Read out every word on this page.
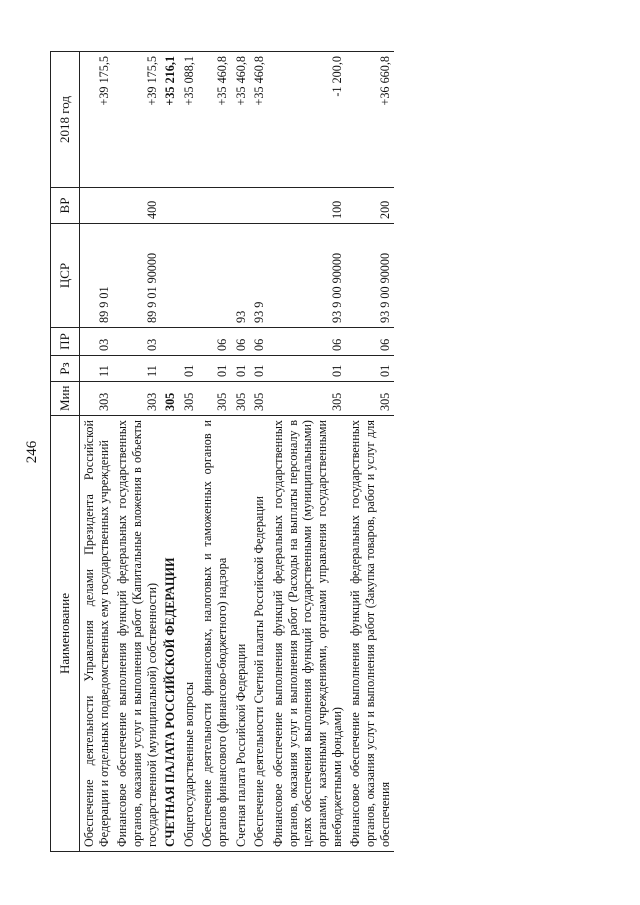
246
Наименование	Мин	Рз	ПР	ЦСР	ВР	2018 год
Обеспечение деятельности Управления делами Президента Российской Федерации и отдельных подведомственных ему государственных учреждений	303	11	03	89 9 01		+39 175,5
Финансовое обеспечение выполнения функций федеральных государственных органов, оказания услуг и выполнения работ (Капитальные вложения в объекты государственной (муниципальной) собственности)	303	11	03	89 9 01 90000	400	+39 175,5
СЧЕТНАЯ ПАЛАТА РОССИЙСКОЙ ФЕДЕРАЦИИ	305					+35 216,1
Общегосударственные вопросы	305	01				+35 088,1
Обеспечение деятельности финансовых, налоговых и таможенных органов и органов финансового (финансово-бюджетного) надзора	305	01	06			+35 460,8
Счетная палата Российской Федерации	305	01	06	93		+35 460,8
Обеспечение деятельности Счетной палаты Российской Федерации	305	01	06	93 9		+35 460,8
Финансовое обеспечение выполнения функций федеральных государственных органов, оказания услуг и выполнения работ (Расходы на выплаты персоналу в целях обеспечения выполнения функций государственными (муниципальными) органами, казенными учреждениями, органами управления государственными внебюджетными фондами)	305	01	06	93 9 00 90000	100	-1 200,0
Финансовое обеспечение выполнения функций федеральных государственных органов, оказания услуг и выполнения работ (Закупка товаров, работ и услуг для обеспечения	305	01	06	93 9 00 90000	200	+36 660,8
